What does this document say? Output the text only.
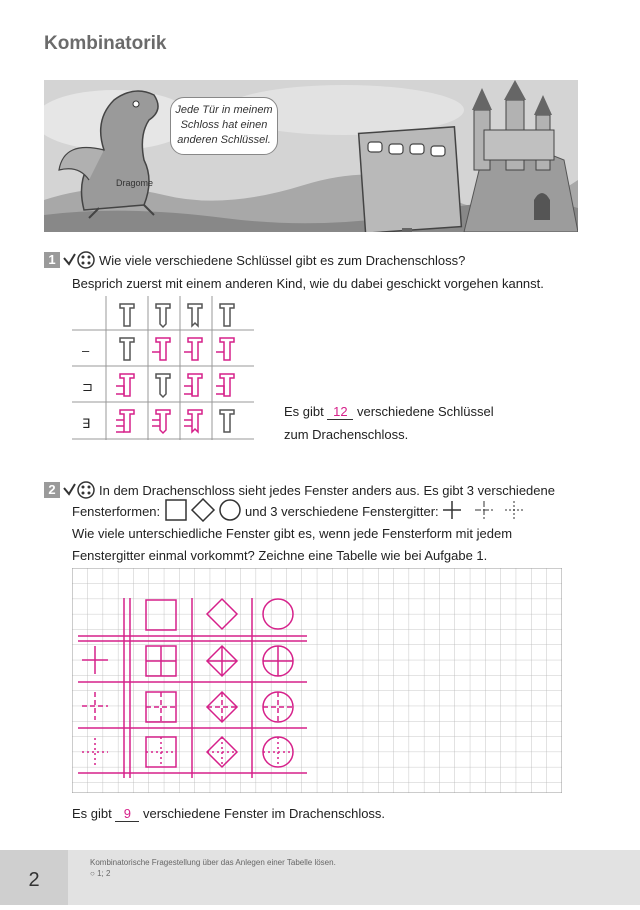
Kombinatorik
Jede Tür in meinem
Schloss hat einen
anderen Schlüssel.
Dragome
1	Wie viele verschiedene Schlüssel gibt es zum Drachenschloss?
Besprich zuerst mit einem anderen Kind, wie du dabei geschickt vorgehen kannst.
–
⊐
∃
Es gibt 12 verschiedene Schlüssel
zum Drachenschloss.
2	In dem Drachenschloss sieht jedes Fenster anders aus. Es gibt 3 verschiedene
Fensterformen:	und 3 verschiedene Fenstergitter:
Wie viele unterschiedliche Fenster gibt es, wenn jede Fensterform mit jedem
Fenstergitter einmal vorkommt? Zeichne eine Tabelle wie bei Aufgabe 1.
Es gibt 9 verschiedene Fenster im Drachenschloss.
2
Kombinatorische Fragestellung über das Anlegen einer Tabelle lösen.
○ 1; 2
